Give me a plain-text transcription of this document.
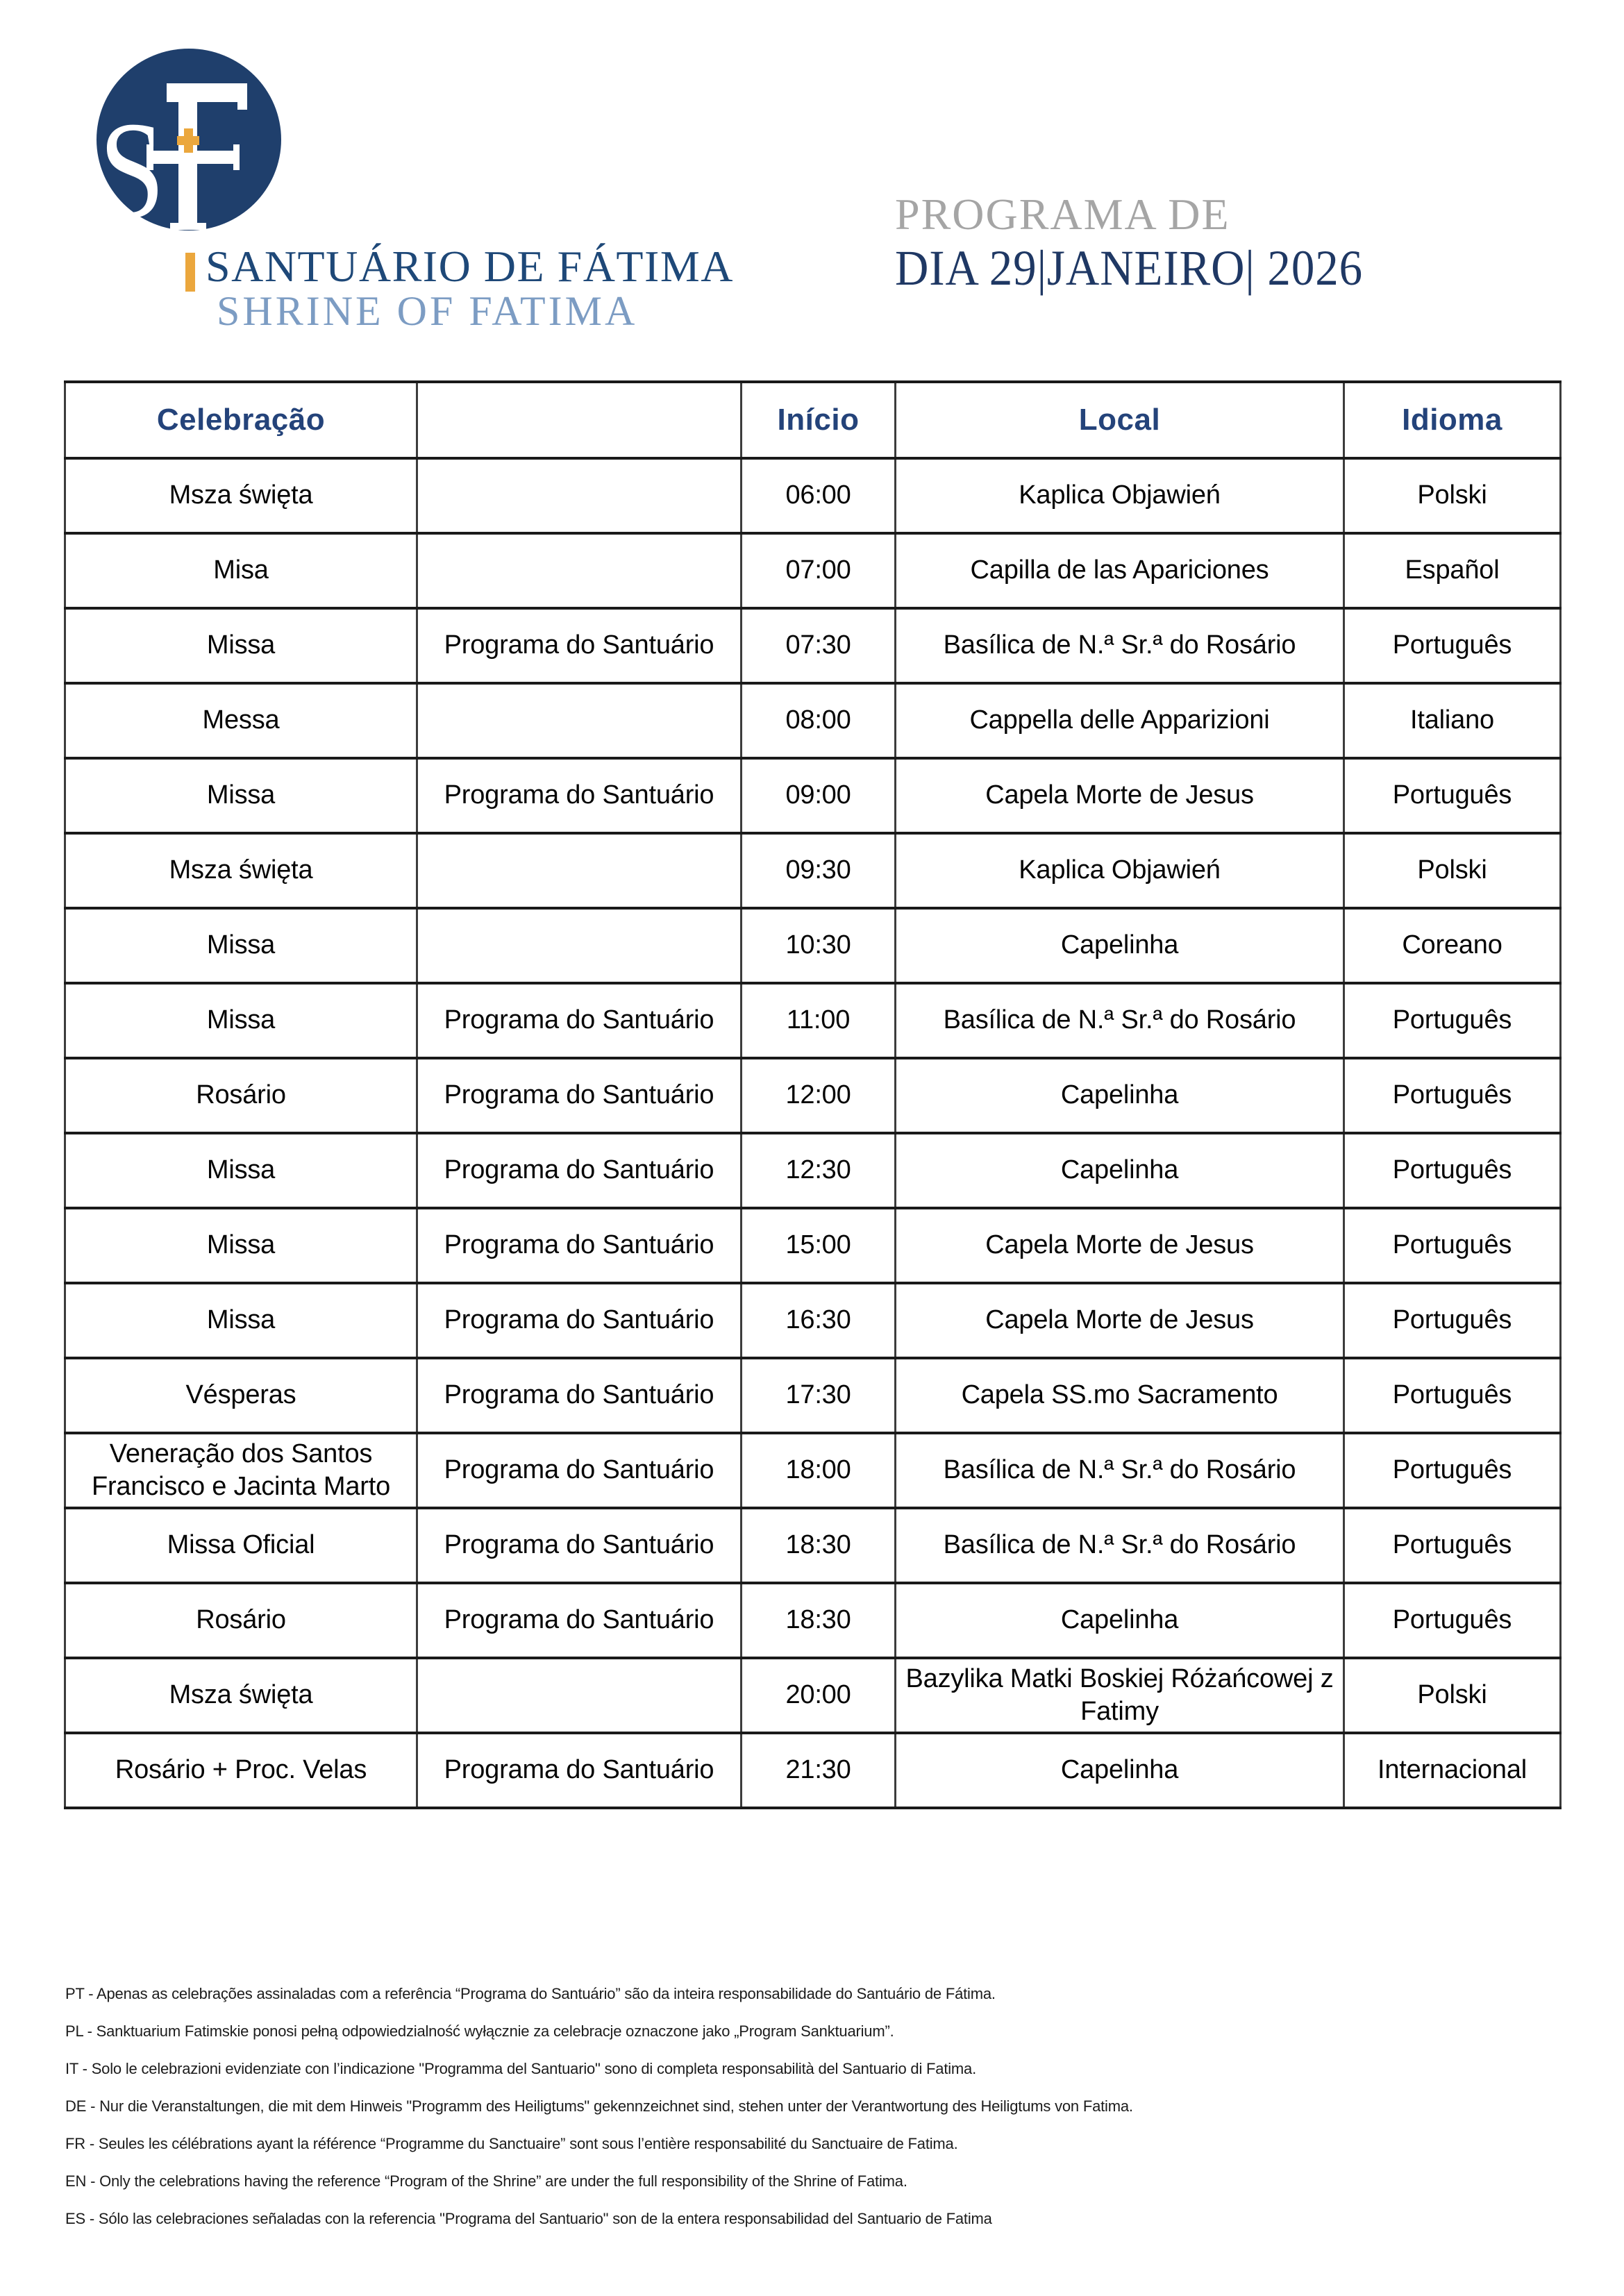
S
SANTUÁRIO DE FÁTIMA
SHRINE OF FATIMA
PROGRAMA DE
DIA 29|JANEIRO| 2026
Celebração		Início	Local	Idioma
Msza święta		06:00	Kaplica Objawień	Polski
Misa		07:00	Capilla de las Apariciones	Español
Missa	Programa do Santuário	07:30	Basílica de N.ª Sr.ª do Rosário	Português
Messa		08:00	Cappella delle Apparizioni	Italiano
Missa	Programa do Santuário	09:00	Capela Morte de Jesus	Português
Msza święta		09:30	Kaplica Objawień	Polski
Missa		10:30	Capelinha	Coreano
Missa	Programa do Santuário	11:00	Basílica de N.ª Sr.ª do Rosário	Português
Rosário	Programa do Santuário	12:00	Capelinha	Português
Missa	Programa do Santuário	12:30	Capelinha	Português
Missa	Programa do Santuário	15:00	Capela Morte de Jesus	Português
Missa	Programa do Santuário	16:30	Capela Morte de Jesus	Português
Vésperas	Programa do Santuário	17:30	Capela SS.mo Sacramento	Português
Veneração dos Santos Francisco e Jacinta Marto	Programa do Santuário	18:00	Basílica de N.ª Sr.ª do Rosário	Português
Missa Oficial	Programa do Santuário	18:30	Basílica de N.ª Sr.ª do Rosário	Português
Rosário	Programa do Santuário	18:30	Capelinha	Português
Msza święta		20:00	Bazylika Matki Boskiej Różańcowej z Fatimy	Polski
Rosário + Proc. Velas	Programa do Santuário	21:30	Capelinha	Internacional
PT - Apenas as celebrações assinaladas com a referência “Programa do Santuário” são da inteira responsabilidade do Santuário de Fátima.
PL - Sanktuarium Fatimskie ponosi pełną odpowiedzialność wyłącznie za celebracje oznaczone jako „Program Sanktuarium”.
IT - Solo le celebrazioni evidenziate con l’indicazione "Programma del Santuario" sono di completa responsabilità del Santuario di Fatima.
DE - Nur die Veranstaltungen, die mit dem Hinweis "Programm des Heiligtums" gekennzeichnet sind, stehen unter der Verantwortung des Heiligtums von Fatima.
FR - Seules les célébrations ayant la référence “Programme du Sanctuaire” sont sous l’entière responsabilité du Sanctuaire de Fatima.
EN - Only the celebrations having the reference “Program of the Shrine” are under the full responsibility of the Shrine of Fatima.
ES - Sólo las celebraciones señaladas con la referencia "Programa del Santuario" son de la entera responsabilidad del Santuario de Fatima
